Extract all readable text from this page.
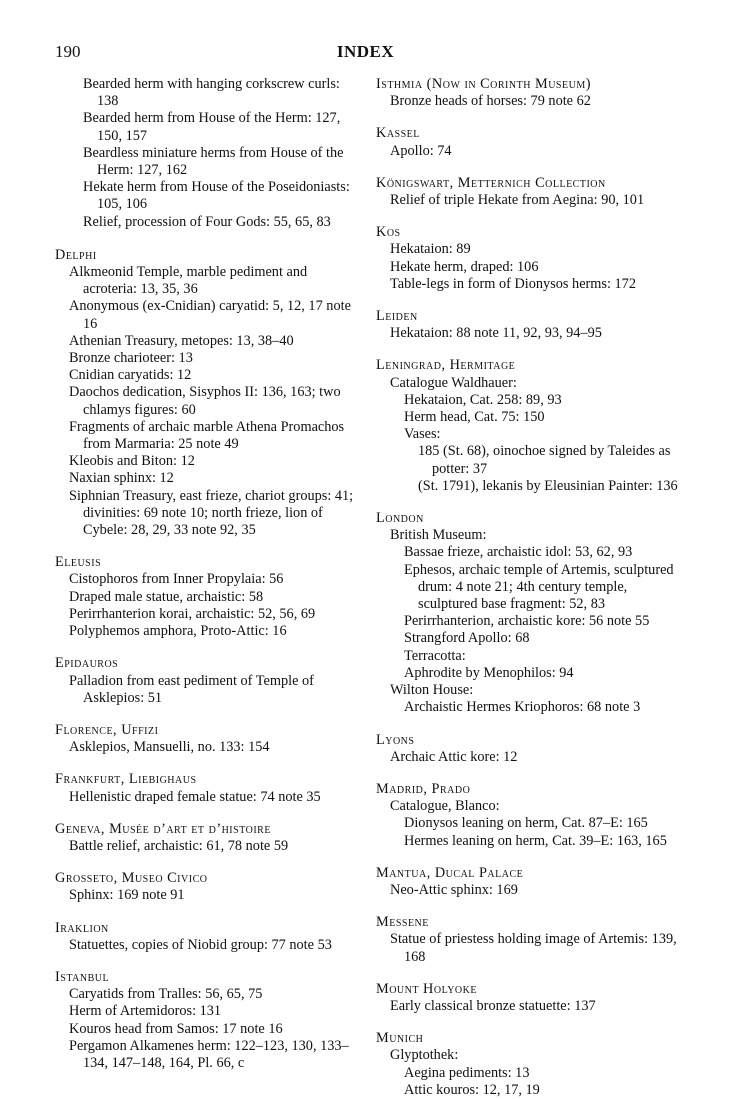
190	INDEX

Bearded herm with hanging corkscrew curls: 138

Bearded herm from House of the Herm: 127, 150, 157

Beardless miniature herms from House of the Herm: 127, 162

Hekate herm from House of the Poseidoniasts: 105, 106

Relief, procession of Four Gods: 55, 65, 83

Delphi

Alkmeonid Temple, marble pediment and acroteria: 13, 35, 36

Anonymous (ex-Cnidian) caryatid: 5, 12, 17 note 16

Athenian Treasury, metopes: 13, 38–40

Bronze charioteer: 13

Cnidian caryatids: 12

Daochos dedication, Sisyphos II: 136, 163; two chlamys figures: 60

Fragments of archaic marble Athena Promachos from Marmaria: 25 note 49

Kleobis and Biton: 12

Naxian sphinx: 12

Siphnian Treasury, east frieze, chariot groups: 41; divinities: 69 note 10; north frieze, lion of Cybele: 28, 29, 33 note 92, 35

Eleusis

Cistophoros from Inner Propylaia: 56

Draped male statue, archaistic: 58

Perirrhanterion korai, archaistic: 52, 56, 69

Polyphemos amphora, Proto-Attic: 16

Epidauros

Palladion from east pediment of Temple of Asklepios: 51

Florence, Uffizi

Asklepios, Mansuelli, no. 133: 154

Frankfurt, Liebighaus

Hellenistic draped female statue: 74 note 35

Geneva, Musée d’art et d’histoire

Battle relief, archaistic: 61, 78 note 59

Grosseto, Museo Civico

Sphinx: 169 note 91

Iraklion

Statuettes, copies of Niobid group: 77 note 53

Istanbul

Caryatids from Tralles: 56, 65, 75

Herm of Artemidoros: 131

Kouros head from Samos: 17 note 16

Pergamon Alkamenes herm: 122–123, 130, 133–134, 147–148, 164, Pl. 66, c

Isthmia (Now in Corinth Museum)

Bronze heads of horses: 79 note 62

Kassel

Apollo: 74

Königswart, Metternich Collection

Relief of triple Hekate from Aegina: 90, 101

Kos

Hekataion: 89

Hekate herm, draped: 106

Table-legs in form of Dionysos herms: 172

Leiden

Hekataion: 88 note 11, 92, 93, 94–95

Leningrad, Hermitage

Catalogue Waldhauer:

Hekataion, Cat. 258: 89, 93

Herm head, Cat. 75: 150

Vases:

185 (St. 68), oinochoe signed by Taleides as potter: 37

(St. 1791), lekanis by Eleusinian Painter: 136

London

British Museum:

Bassae frieze, archaistic idol: 53, 62, 93

Ephesos, archaic temple of Artemis, sculptured drum: 4 note 21; 4th century temple, sculptured base fragment: 52, 83

Perirrhanterion, archaistic kore: 56 note 55

Strangford Apollo: 68

Terracotta:

Aphrodite by Menophilos: 94

Wilton House:

Archaistic Hermes Kriophoros: 68 note 3

Lyons

Archaic Attic kore: 12

Madrid, Prado

Catalogue, Blanco:

Dionysos leaning on herm, Cat. 87–E: 165

Hermes leaning on herm, Cat. 39–E: 163, 165

Mantua, Ducal Palace

Neo-Attic sphinx: 169

Messene

Statue of priestess holding image of Artemis: 139, 168

Mount Holyoke

Early classical bronze statuette: 137

Munich

Glyptothek:

Aegina pediments: 13

Attic kouros: 12, 17, 19
